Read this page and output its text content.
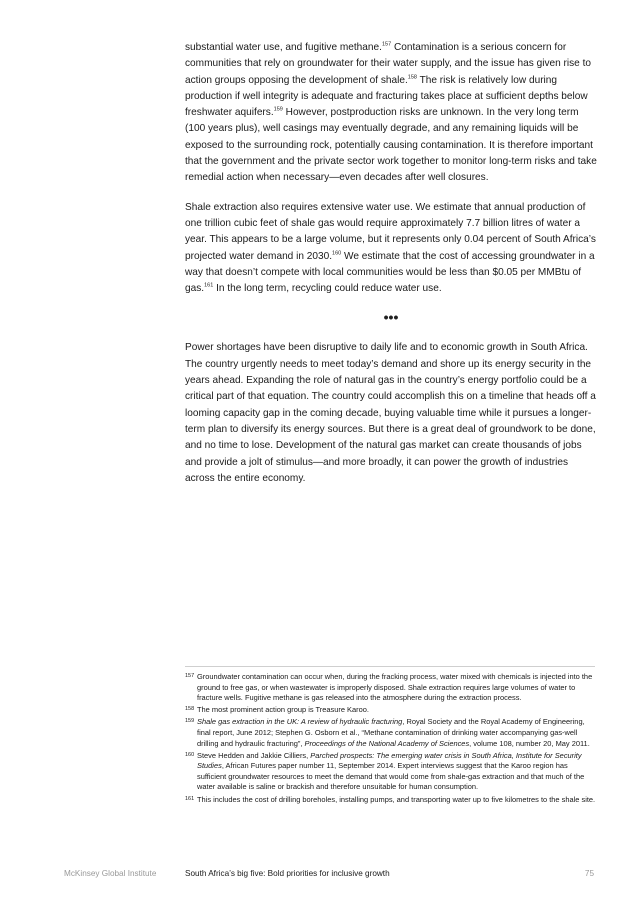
substantial water use, and fugitive methane.$^{157}$ Contamination is a serious concern for communities that rely on groundwater for their water supply, and the issue has given rise to action groups opposing the development of shale.$^{158}$ The risk is relatively low during production if well integrity is adequate and fracturing takes place at sufficient depths below freshwater aquifers.$^{159}$ However, postproduction risks are unknown. In the very long term (100 years plus), well casings may eventually degrade, and any remaining liquids will be exposed to the surrounding rock, potentially causing contamination. It is therefore important that the government and the private sector work together to monitor long-term risks and take remedial action when necessary—even decades after well closures.

Shale extraction also requires extensive water use. We estimate that annual production of one trillion cubic feet of shale gas would require approximately 7.7 billion litres of water a year. This appears to be a large volume, but it represents only 0.04 percent of South Africa’s projected water demand in 2030.$^{160}$ We estimate that the cost of accessing groundwater in a way that doesn’t compete with local communities would be less than $0.05 per MMBtu of gas.$^{161}$ In the long term, recycling could reduce water use.

•••

Power shortages have been disruptive to daily life and to economic growth in South Africa. The country urgently needs to meet today’s demand and shore up its energy security in the years ahead. Expanding the role of natural gas in the country’s energy portfolio could be a critical part of that equation. The country could accomplish this on a timeline that heads off a looming capacity gap in the coming decade, buying valuable time while it pursues a longer-term plan to diversify its energy sources. But there is a great deal of groundwork to be done, and no time to lose. Development of the natural gas market can create thousands of jobs and provide a jolt of stimulus—and more broadly, it can power the growth of industries across the entire economy.

157 Groundwater contamination can occur when, during the fracking process, water mixed with chemicals is injected into the ground to free gas, or when wastewater is improperly disposed. Shale extraction requires large volumes of water to fracture wells. Fugitive methane is gas released into the atmosphere during the extraction process.
158 The most prominent action group is Treasure Karoo.
159 Shale gas extraction in the UK: A review of hydraulic fracturing, Royal Society and the Royal Academy of Engineering, final report, June 2012; Stephen G. Osborn et al., “Methane contamination of drinking water accompanying gas-well drilling and hydraulic fracturing”, Proceedings of the National Academy of Sciences, volume 108, number 20, May 2011.
160 Steve Hedden and Jakkie Cilliers, Parched prospects: The emerging water crisis in South Africa, Institute for Security Studies, African Futures paper number 11, September 2014. Expert interviews suggest that the Karoo region has sufficient groundwater resources to meet the demand that would come from shale-gas extraction and that much of the water available is saline or brackish and therefore unsuitable for human consumption.
161 This includes the cost of drilling boreholes, installing pumps, and transporting water up to five kilometres to the shale site.
McKinsey Global Institute	South Africa’s big five: Bold priorities for inclusive growth	75
